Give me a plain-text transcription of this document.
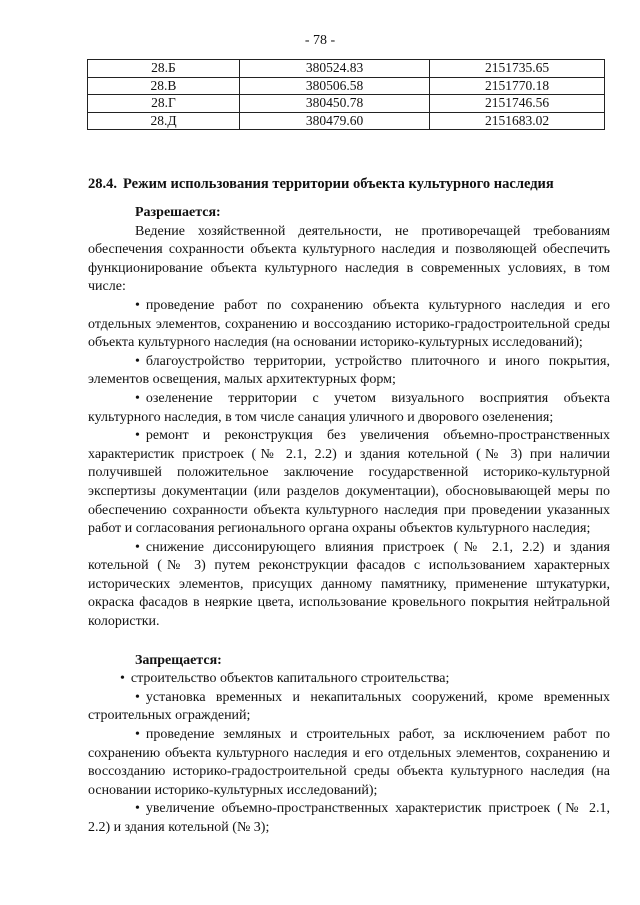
- 78 -
28.Б	380524.83	2151735.65
28.В	380506.58	2151770.18
28.Г	380450.78	2151746.56
28.Д	380479.60	2151683.02
28.4. Режим использования территории объекта культурного наследия

Разрешается:

Ведение хозяйственной деятельности, не противоречащей требованиям обеспечения сохранности объекта культурного наследия и позволяющей обеспечить функционирование объекта культурного наследия в современных условиях, в том числе:

• проведение работ по сохранению объекта культурного наследия и его отдельных элементов, сохранению и воссозданию историко-градостроительной среды объекта культурного наследия (на основании историко-культурных исследований);

• благоустройство территории, устройство плиточного и иного покрытия, элементов освещения, малых архитектурных форм;

• озеленение территории с учетом визуального восприятия объекта культурного наследия, в том числе санация уличного и дворового озеленения;

• ремонт и реконструкция без увеличения объемно-пространственных характеристик пристроек (№ 2.1, 2.2) и здания котельной (№ 3) при наличии получившей положительное заключение государственной историко-культурной экспертизы документации (или разделов документации), обосновывающей меры по обеспечению сохранности объекта культурного наследия при проведении указанных работ и согласования регионального органа охраны объектов культурного наследия;

• снижение диссонирующего влияния пристроек (№ 2.1, 2.2) и здания котельной (№ 3) путем реконструкции фасадов с использованием характерных исторических элементов, присущих данному памятнику, применение штукатурки, окраска фасадов в неяркие цвета, использование кровельного покрытия нейтральной колористки.

Запрещается:

• строительство объектов капитального строительства;

• установка временных и некапитальных сооружений, кроме временных строительных ограждений;

• проведение земляных и строительных работ, за исключением работ по сохранению объекта культурного наследия и его отдельных элементов, сохранению и воссозданию историко-градостроительной среды объекта культурного наследия (на основании историко-культурных исследований);

• увеличение объемно-пространственных характеристик пристроек (№ 2.1, 2.2) и здания котельной (№ 3);
